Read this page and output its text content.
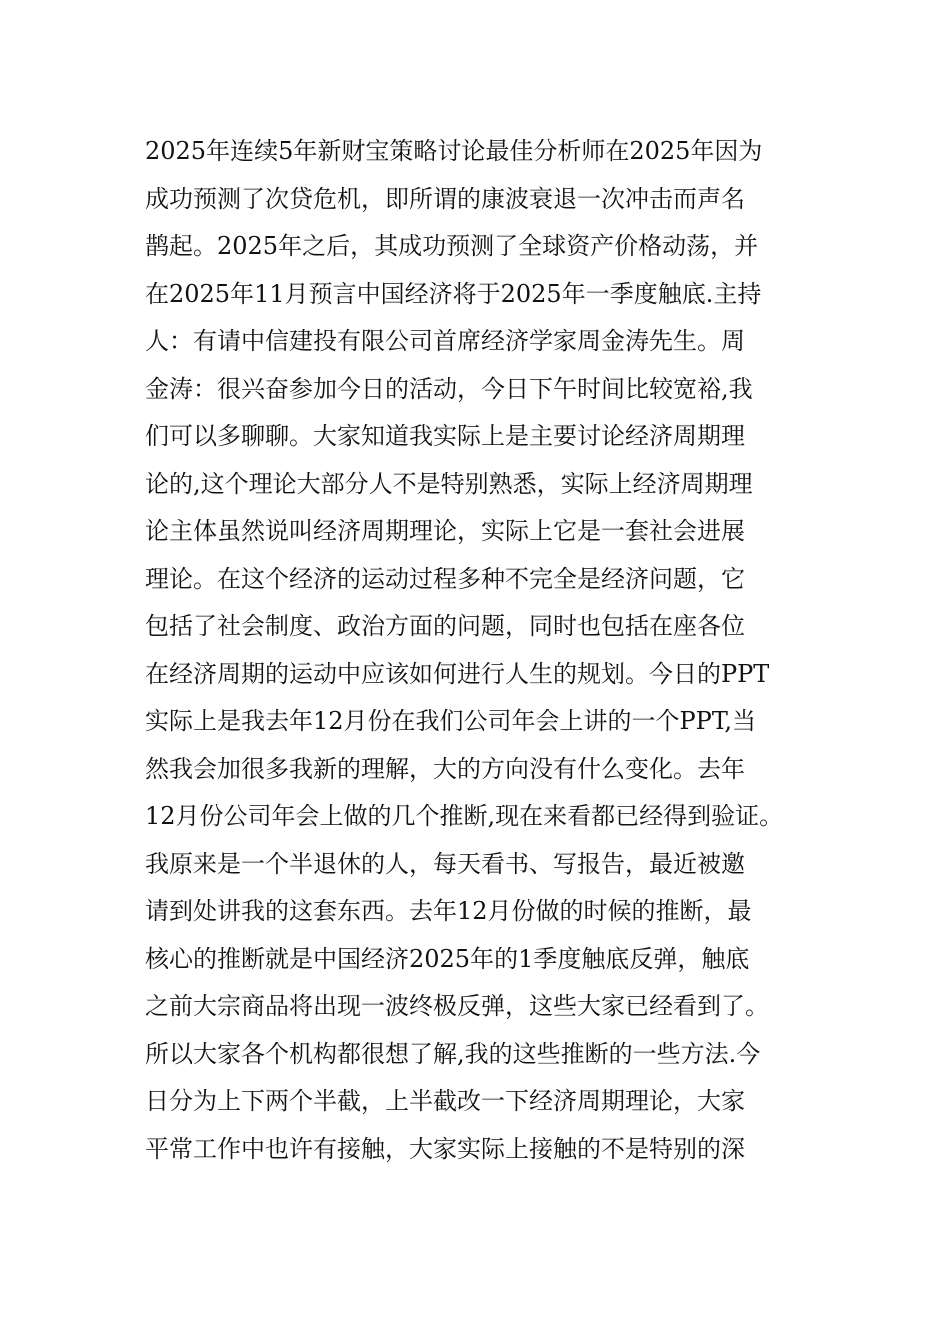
2025年连续5年新财宝策略讨论最佳分析师在2025年因为
成功预测了次贷危机，即所谓的康波衰退一次冲击而声名
鹊起。2025年之后，其成功预测了全球资产价格动荡，并
在2025年11月预言中国经济将于2025年一季度触底.主持
人：有请中信建投有限公司首席经济学家周金涛先生。周
金涛：很兴奋参加今日的活动，今日下午时间比较宽裕,我
们可以多聊聊。大家知道我实际上是主要讨论经济周期理
论的,这个理论大部分人不是特别熟悉，实际上经济周期理
论主体虽然说叫经济周期理论，实际上它是一套社会进展
理论。在这个经济的运动过程多种不完全是经济问题，它
包括了社会制度、政治方面的问题，同时也包括在座各位
在经济周期的运动中应该如何进行人生的规划。今日的PPT
实际上是我去年12月份在我们公司年会上讲的一个PPT,当
然我会加很多我新的理解，大的方向没有什么变化。去年
12月份公司年会上做的几个推断,现在来看都已经得到验证。
我原来是一个半退休的人，每天看书、写报告，最近被邀
请到处讲我的这套东西。去年12月份做的时候的推断，最
核心的推断就是中国经济2025年的1季度触底反弹，触底
之前大宗商品将出现一波终极反弹，这些大家已经看到了。
所以大家各个机构都很想了解,我的这些推断的一些方法.今
日分为上下两个半截，上半截改一下经济周期理论，大家
平常工作中也许有接触，大家实际上接触的不是特别的深
